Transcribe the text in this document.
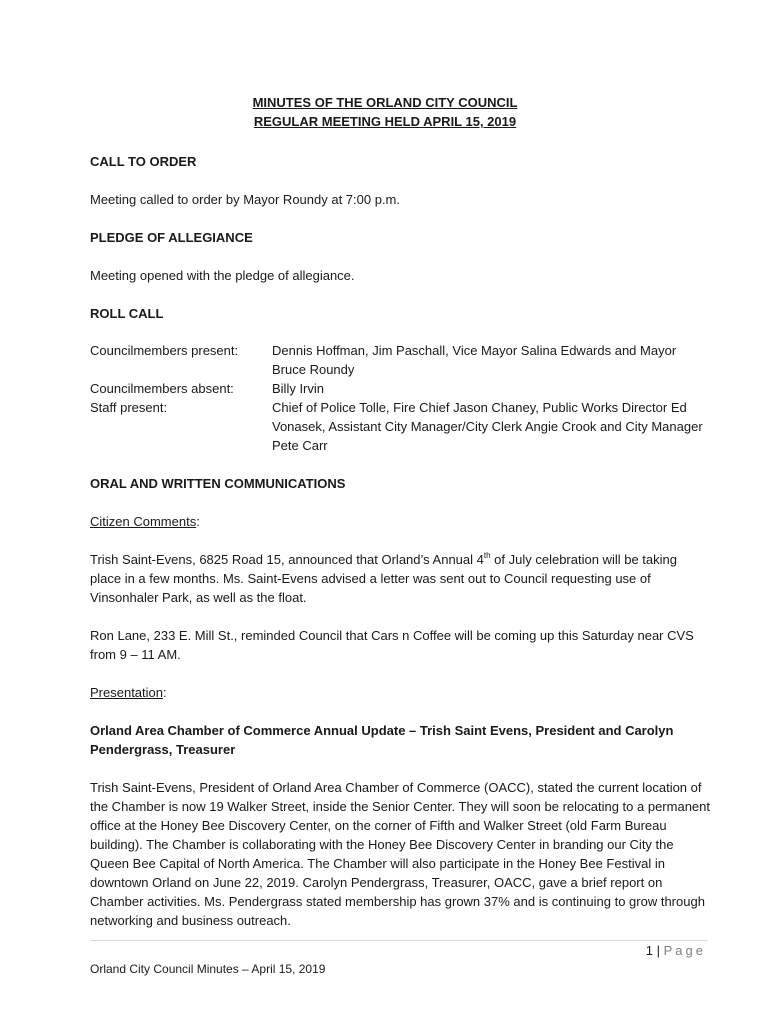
MINUTES OF THE ORLAND CITY COUNCIL
REGULAR MEETING HELD APRIL 15, 2019
CALL TO ORDER
Meeting called to order by Mayor Roundy at 7:00 p.m.
PLEDGE OF ALLEGIANCE
Meeting opened with the pledge of allegiance.
ROLL CALL
Councilmembers present:	Dennis Hoffman, Jim Paschall, Vice Mayor Salina Edwards and Mayor Bruce Roundy
Councilmembers absent:	Billy Irvin
Staff present:	Chief of Police Tolle, Fire Chief Jason Chaney, Public Works Director Ed Vonasek, Assistant City Manager/City Clerk Angie Crook and City Manager Pete Carr
ORAL AND WRITTEN COMMUNICATIONS
Citizen Comments:
Trish Saint-Evens, 6825 Road 15, announced that Orland’s Annual 4th of July celebration will be taking place in a few months. Ms. Saint-Evens advised a letter was sent out to Council requesting use of Vinsonhaler Park, as well as the float.
Ron Lane, 233 E. Mill St., reminded Council that Cars n Coffee will be coming up this Saturday near CVS from 9 – 11 AM.
Presentation:
Orland Area Chamber of Commerce Annual Update – Trish Saint Evens, President and Carolyn Pendergrass, Treasurer
Trish Saint-Evens, President of Orland Area Chamber of Commerce (OACC), stated the current location of the Chamber is now 19 Walker Street, inside the Senior Center. They will soon be relocating to a permanent office at the Honey Bee Discovery Center, on the corner of Fifth and Walker Street (old Farm Bureau building). The Chamber is collaborating with the Honey Bee Discovery Center in branding our City the Queen Bee Capital of North America. The Chamber will also participate in the Honey Bee Festival in downtown Orland on June 22, 2019. Carolyn Pendergrass, Treasurer, OACC, gave a brief report on Chamber activities. Ms. Pendergrass stated membership has grown 37% and is continuing to grow through networking and business outreach.
1 | Page
Orland City Council Minutes – April 15, 2019
